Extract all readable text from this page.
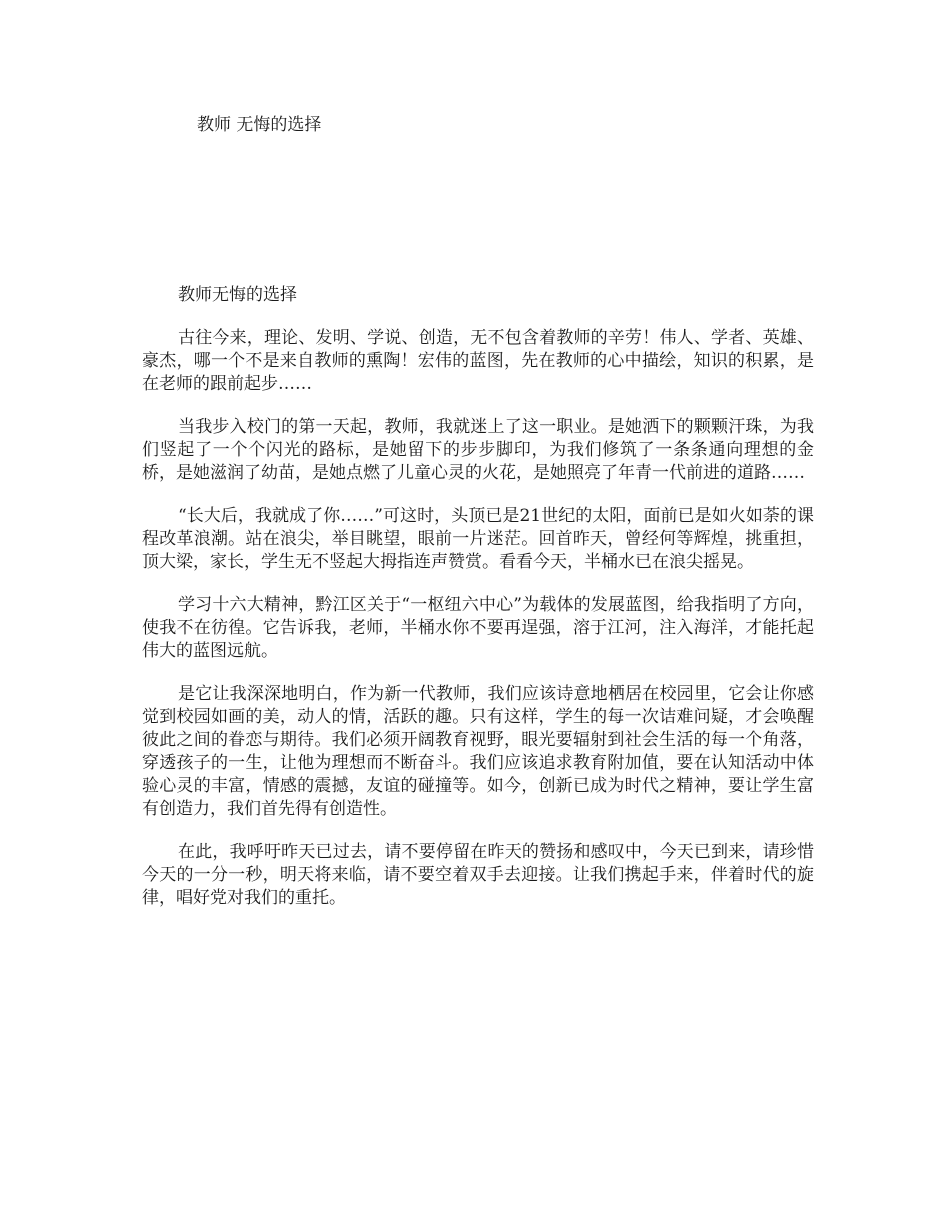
教师 无悔的选择
教师无悔的选择

古往今来，理论、发明、学说、创造，无不包含着教师的辛劳！伟人、学者、英雄、豪杰，哪一个不是来自教师的熏陶！宏伟的蓝图，先在教师的心中描绘，知识的积累，是在老师的跟前起步……

当我步入校门的第一天起，教师，我就迷上了这一职业。是她洒下的颗颗汗珠，为我们竖起了一个个闪光的路标，是她留下的步步脚印，为我们修筑了一条条通向理想的金桥，是她滋润了幼苗，是她点燃了儿童心灵的火花，是她照亮了年青一代前进的道路……

“长大后，我就成了你……”可这时，头顶已是21世纪的太阳，面前已是如火如荼的课程改革浪潮。站在浪尖，举目眺望，眼前一片迷茫。回首昨天，曾经何等辉煌，挑重担，顶大梁，家长，学生无不竖起大拇指连声赞赏。看看今天，半桶水已在浪尖摇晃。

学习十六大精神，黔江区关于“一枢纽六中心”为载体的发展蓝图，给我指明了方向，使我不在彷徨。它告诉我，老师，半桶水你不要再逞强，溶于江河，注入海洋，才能托起伟大的蓝图远航。

是它让我深深地明白，作为新一代教师，我们应该诗意地栖居在校园里，它会让你感觉到校园如画的美，动人的情，活跃的趣。只有这样，学生的每一次诘难问疑，才会唤醒彼此之间的眷恋与期待。我们必须开阔教育视野，眼光要辐射到社会生活的每一个角落，穿透孩子的一生，让他为理想而不断奋斗。我们应该追求教育附加值，要在认知活动中体验心灵的丰富，情感的震撼，友谊的碰撞等。如今，创新已成为时代之精神，要让学生富有创造力，我们首先得有创造性。

在此，我呼吁昨天已过去，请不要停留在昨天的赞扬和感叹中，今天已到来，请珍惜今天的一分一秒，明天将来临，请不要空着双手去迎接。让我们携起手来，伴着时代的旋律，唱好党对我们的重托。
